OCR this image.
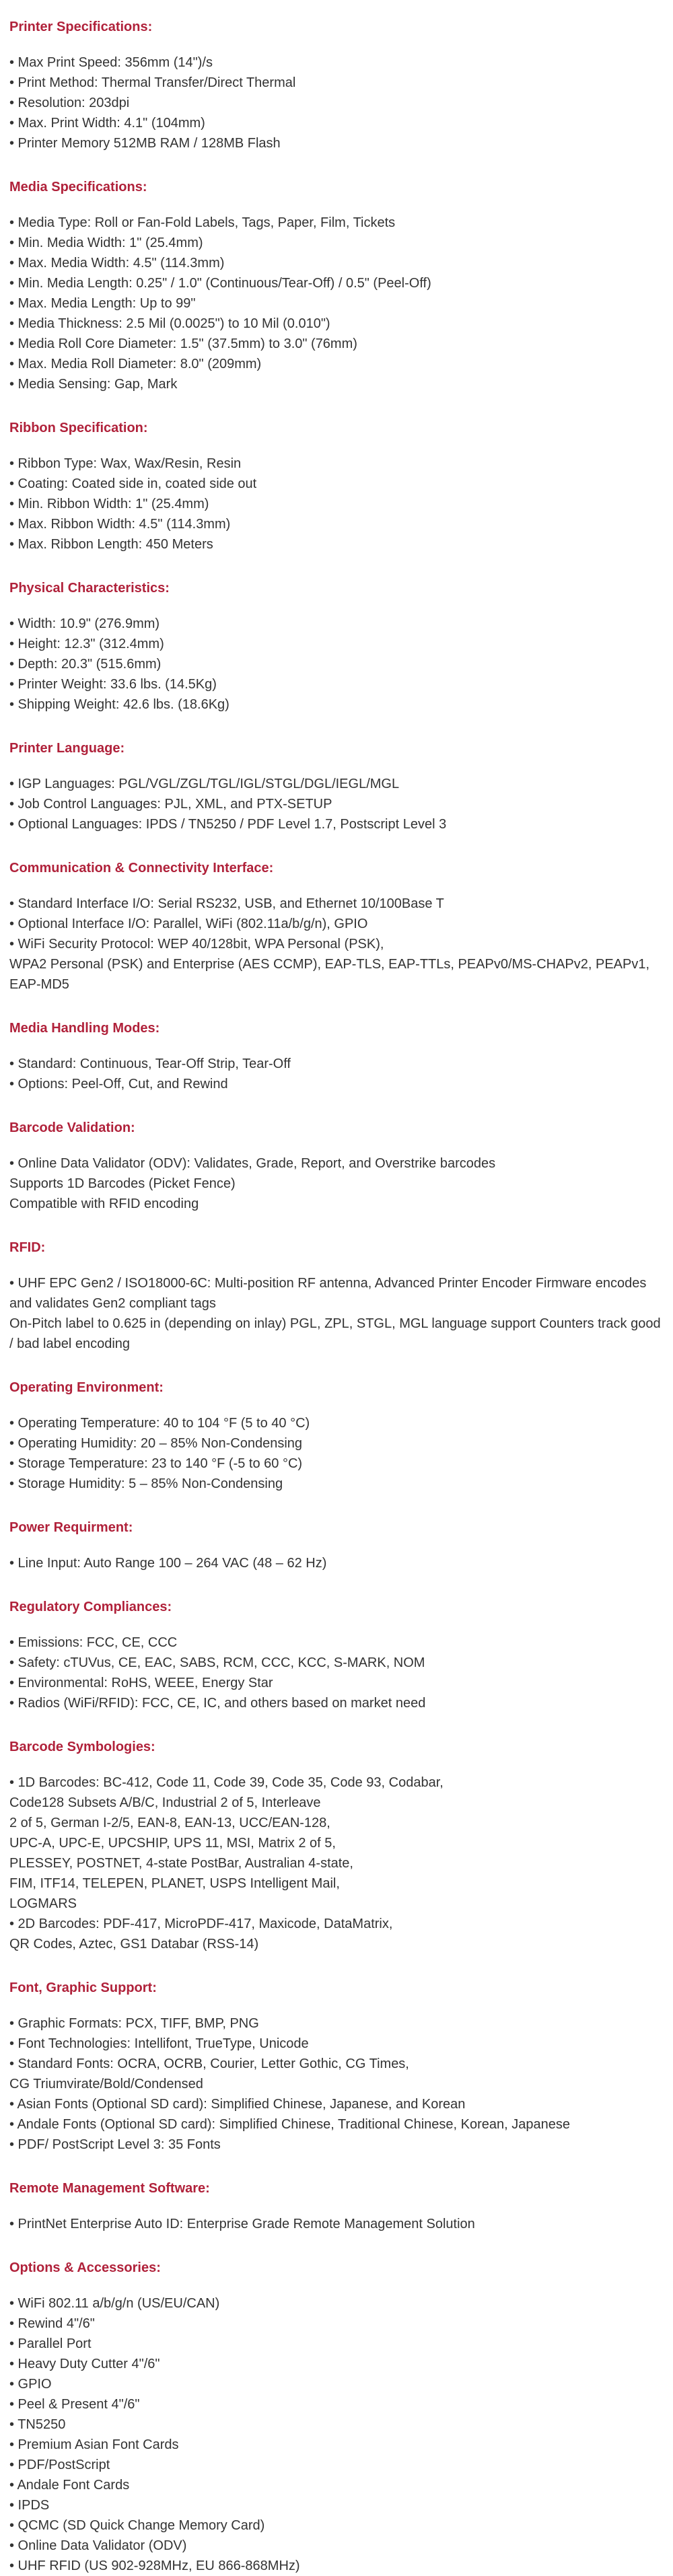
Printer Specifications:
• Max Print Speed: 356mm (14")/s
• Print Method: Thermal Transfer/Direct Thermal
• Resolution: 203dpi
• Max. Print Width: 4.1" (104mm)
• Printer Memory 512MB RAM / 128MB Flash
Media Specifications:
• Media Type: Roll or Fan-Fold Labels, Tags, Paper, Film, Tickets
• Min. Media Width: 1" (25.4mm)
• Max. Media Width: 4.5" (114.3mm)
• Min. Media Length: 0.25" / 1.0" (Continuous/Tear-Off) / 0.5" (Peel-Off)
• Max. Media Length: Up to 99"
• Media Thickness: 2.5 Mil (0.0025") to 10 Mil (0.010")
• Media Roll Core Diameter: 1.5" (37.5mm) to 3.0" (76mm)
• Max. Media Roll Diameter: 8.0" (209mm)
• Media Sensing: Gap, Mark
Ribbon Specification:
• Ribbon Type: Wax, Wax/Resin, Resin
• Coating: Coated side in, coated side out
• Min. Ribbon Width: 1" (25.4mm)
• Max. Ribbon Width: 4.5" (114.3mm)
• Max. Ribbon Length: 450 Meters
Physical Characteristics:
• Width: 10.9" (276.9mm)
• Height: 12.3" (312.4mm)
• Depth: 20.3" (515.6mm)
• Printer Weight: 33.6 lbs. (14.5Kg)
• Shipping Weight: 42.6 lbs. (18.6Kg)
Printer Language:
• IGP Languages: PGL/VGL/ZGL/TGL/IGL/STGL/DGL/IEGL/MGL
• Job Control Languages: PJL, XML, and PTX-SETUP
• Optional Languages: IPDS / TN5250 / PDF Level 1.7, Postscript Level 3
Communication & Connectivity Interface:
• Standard Interface I/O: Serial RS232, USB, and Ethernet 10/100Base T
• Optional Interface I/O: Parallel, WiFi (802.11a/b/g/n), GPIO
• WiFi Security Protocol: WEP 40/128bit, WPA Personal (PSK),
WPA2 Personal (PSK) and Enterprise (AES CCMP), EAP-TLS, EAP-TTLs, PEAPv0/MS-CHAPv2, PEAPv1, EAP-MD5
Media Handling Modes:
• Standard: Continuous, Tear-Off Strip, Tear-Off
• Options: Peel-Off, Cut, and Rewind
Barcode Validation:
• Online Data Validator (ODV): Validates, Grade, Report, and Overstrike barcodes
Supports 1D Barcodes (Picket Fence)
Compatible with RFID encoding
RFID:
• UHF EPC Gen2 / ISO18000-6C: Multi-position RF antenna, Advanced Printer Encoder Firmware encodes and validates Gen2 compliant tags
On-Pitch label to 0.625 in (depending on inlay) PGL, ZPL, STGL, MGL language support Counters track good / bad label encoding
Operating Environment:
• Operating Temperature: 40 to 104 °F (5 to 40 °C)
• Operating Humidity: 20 – 85% Non-Condensing
• Storage Temperature: 23 to 140 °F (-5 to 60 °C)
• Storage Humidity: 5 – 85% Non-Condensing
Power Requirment:
• Line Input: Auto Range 100 – 264 VAC (48 – 62 Hz)
Regulatory Compliances:
• Emissions: FCC, CE, CCC
• Safety: cTUVus, CE, EAC, SABS, RCM, CCC, KCC, S-MARK, NOM
• Environmental: RoHS, WEEE, Energy Star
• Radios (WiFi/RFID): FCC, CE, IC, and others based on market need
Barcode Symbologies:
• 1D Barcodes: BC-412, Code 11, Code 39, Code 35, Code 93, Codabar,
Code128 Subsets A/B/C, Industrial 2 of 5, Interleave
2 of 5, German I-2/5, EAN-8, EAN-13, UCC/EAN-128,
UPC-A, UPC-E, UPCSHIP, UPS 11, MSI, Matrix 2 of 5,
PLESSEY, POSTNET, 4-state PostBar, Australian 4-state,
FIM, ITF14, TELEPEN, PLANET, USPS Intelligent Mail,
LOGMARS
• 2D Barcodes: PDF-417, MicroPDF-417, Maxicode, DataMatrix,
QR Codes, Aztec, GS1 Databar (RSS-14)
Font, Graphic Support:
• Graphic Formats: PCX, TIFF, BMP, PNG
• Font Technologies: Intellifont, TrueType, Unicode
• Standard Fonts: OCRA, OCRB, Courier, Letter Gothic, CG Times,
CG Triumvirate/Bold/Condensed
• Asian Fonts (Optional SD card): Simplified Chinese, Japanese, and Korean
• Andale Fonts (Optional SD card): Simplified Chinese, Traditional Chinese, Korean, Japanese
• PDF/ PostScript Level 3: 35 Fonts
Remote Management Software:
• PrintNet Enterprise Auto ID: Enterprise Grade Remote Management Solution
Options & Accessories:
• WiFi 802.11 a/b/g/n (US/EU/CAN)
• Rewind 4"/6"
• Parallel Port
• Heavy Duty Cutter 4"/6"
• GPIO
• Peel & Present 4"/6"
• TN5250
• Premium Asian Font Cards
• PDF/PostScript
• Andale Font Cards
• IPDS
• QCMC (SD Quick Change Memory Card)
• Online Data Validator (ODV)
• UHF RFID (US 902-928MHz, EU 866-868MHz)
